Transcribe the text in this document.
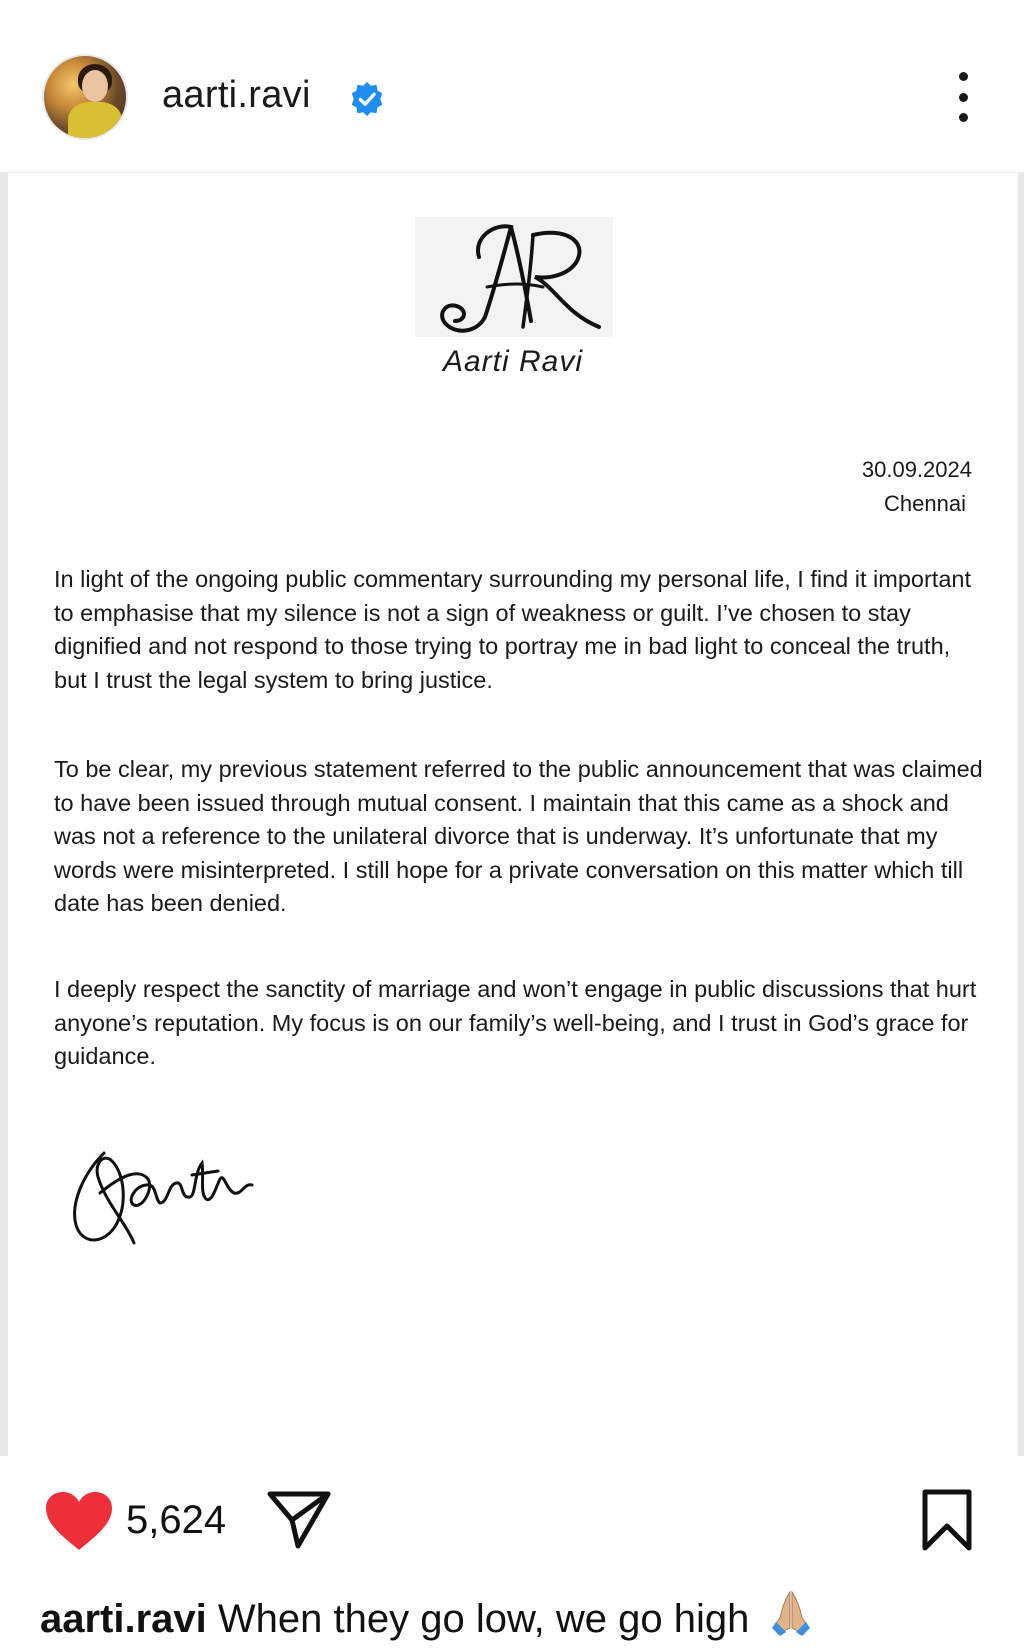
aarti.ravi
Aarti Ravi
30.09.2024
Chennai

In light of the ongoing public commentary surrounding my personal life, I find it important to emphasise that my silence is not a sign of weakness or guilt. I’ve chosen to stay dignified and not respond to those trying to portray me in bad light to conceal the truth, but I trust the legal system to bring justice.

To be clear, my previous statement referred to the public announcement that was claimed to have been issued through mutual consent. I maintain that this came as a shock and was not a reference to the unilateral divorce that is underway. It’s unfortunate that my words were misinterpreted. I still hope for a private conversation on this matter which till date has been denied.

I deeply respect the sanctity of marriage and won’t engage in public discussions that hurt anyone’s reputation. My focus is on our family’s well-being, and I trust in God’s grace for guidance.

5,624
aarti.ravi When they go low, we go high
